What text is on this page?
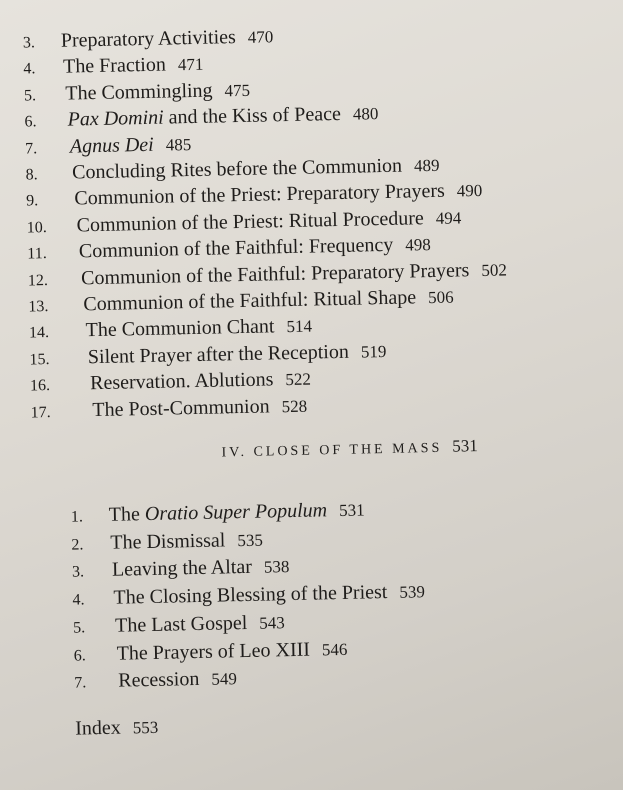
3. Preparatory Activities 470
4. The Fraction 471
5. The Commingling 475
6. Pax Domini and the Kiss of Peace 480
7. Agnus Dei 485
8. Concluding Rites before the Communion 489
9. Communion of the Priest: Preparatory Prayers 490
10. Communion of the Priest: Ritual Procedure 494
11. Communion of the Faithful: Frequency 498
12. Communion of the Faithful: Preparatory Prayers 502
13. Communion of the Faithful: Ritual Shape 506
14. The Communion Chant 514
15. Silent Prayer after the Reception 519
16. Reservation. Ablutions 522
17. The Post-Communion 528
IV. CLOSE OF THE MASS 531
1. The Oratio Super Populum 531
2. The Dismissal 535
3. Leaving the Altar 538
4. The Closing Blessing of the Priest 539
5. The Last Gospel 543
6. The Prayers of Leo XIII 546
7. Recession 549
Index 553
